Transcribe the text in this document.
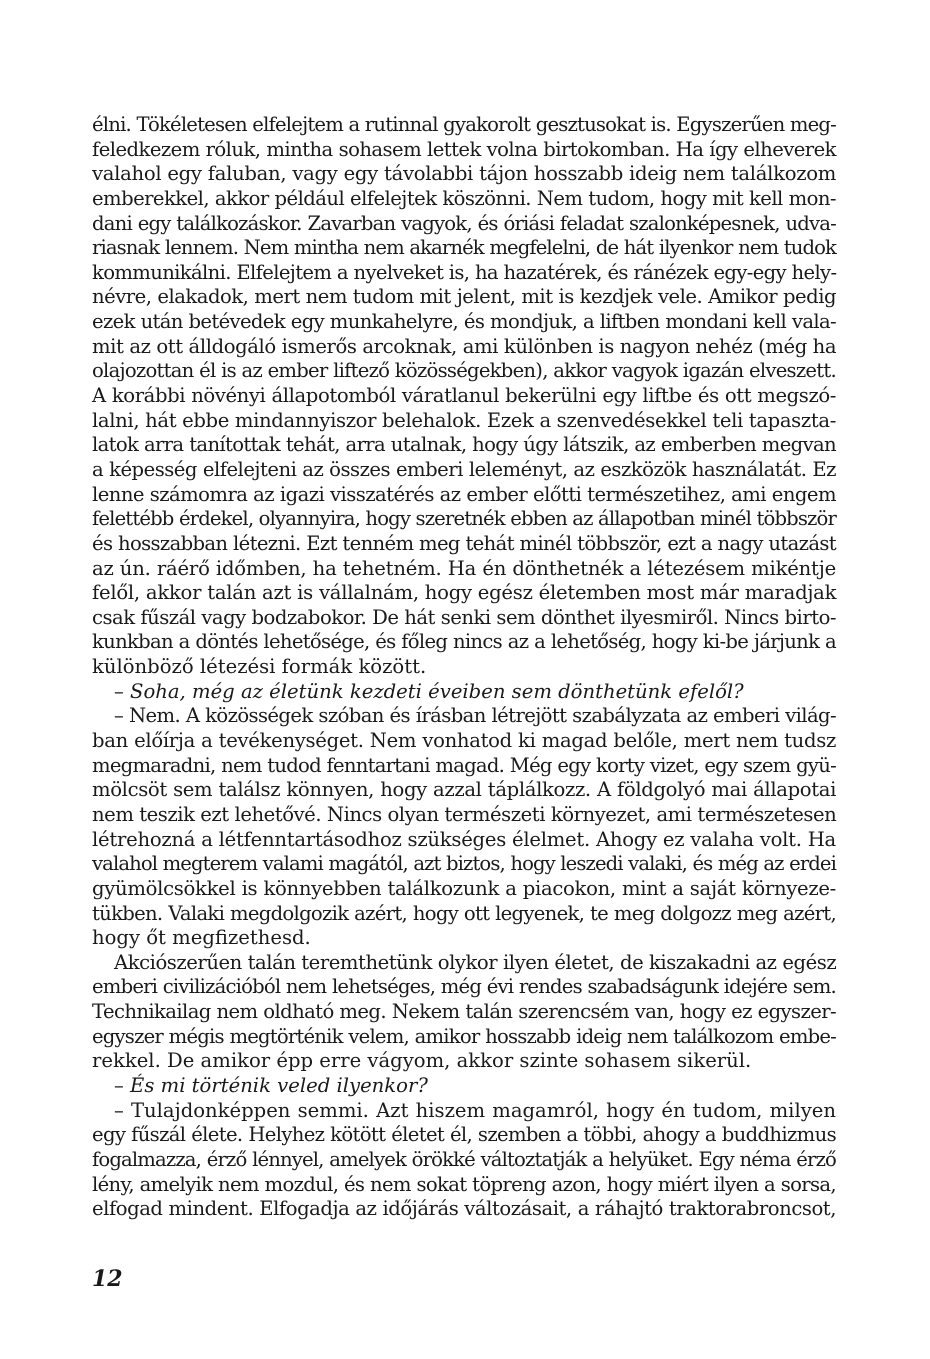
élni. Tökéletesen elfelejtem a rutinnal gyakorolt gesztusokat is. Egyszerűen meg-
feledkezem róluk, mintha sohasem lettek volna birtokomban. Ha így elheverek
valahol egy faluban, vagy egy távolabbi tájon hosszabb ideig nem találkozom
emberekkel, akkor például elfelejtek köszönni. Nem tudom, hogy mit kell mon-
dani egy találkozáskor. Zavarban vagyok, és óriási feladat szalonképesnek, udva-
riasnak lennem. Nem mintha nem akarnék megfelelni, de hát ilyenkor nem tudok
kommunikálni. Elfelejtem a nyelveket is, ha hazatérek, és ránézek egy-egy hely-
névre, elakadok, mert nem tudom mit jelent, mit is kezdjek vele. Amikor pedig
ezek után betévedek egy munkahelyre, és mondjuk, a liftben mondani kell vala-
mit az ott álldogáló ismerős arcoknak, ami különben is nagyon nehéz (még ha
olajozottan él is az ember liftező közösségekben), akkor vagyok igazán elveszett.
A korábbi növényi állapotomból váratlanul bekerülni egy liftbe és ott megszó-
lalni, hát ebbe mindannyiszor belehalok. Ezek a szenvedésekkel teli tapaszta-
latok arra tanítottak tehát, arra utalnak, hogy úgy látszik, az emberben megvan
a képesség elfelejteni az összes emberi leleményt, az eszközök használatát. Ez
lenne számomra az igazi visszatérés az ember előtti természetihez, ami engem
felettébb érdekel, olyannyira, hogy szeretnék ebben az állapotban minél többször
és hosszabban létezni. Ezt tenném meg tehát minél többször, ezt a nagy utazást
az ún. ráérő időmben, ha tehetném. Ha én dönthetnék a létezésem mikéntje
felől, akkor talán azt is vállalnám, hogy egész életemben most már maradjak
csak fűszál vagy bodzabokor. De hát senki sem dönthet ilyesmiről. Nincs birto-
kunkban a döntés lehetősége, és főleg nincs az a lehetőség, hogy ki-be járjunk a
különböző létezési formák között.
– Soha, még az életünk kezdeti éveiben sem dönthetünk efelől?
– Nem. A közösségek szóban és írásban létrejött szabályzata az emberi világ-
ban előírja a tevékenységet. Nem vonhatod ki magad belőle, mert nem tudsz
megmaradni, nem tudod fenntartani magad. Még egy korty vizet, egy szem gyü-
mölcsöt sem találsz könnyen, hogy azzal táplálkozz. A földgolyó mai állapotai
nem teszik ezt lehetővé. Nincs olyan természeti környezet, ami természetesen
létrehozná a létfenntartásodhoz szükséges élelmet. Ahogy ez valaha volt. Ha
valahol megterem valami magától, azt biztos, hogy leszedi valaki, és még az erdei
gyümölcsökkel is könnyebben találkozunk a piacokon, mint a saját környeze-
tükben. Valaki megdolgozik azért, hogy ott legyenek, te meg dolgozz meg azért,
hogy őt megfizethesd.
Akciószerűen talán teremthetünk olykor ilyen életet, de kiszakadni az egész
emberi civilizációból nem lehetséges, még évi rendes szabadságunk idejére sem.
Technikailag nem oldható meg. Nekem talán szerencsém van, hogy ez egyszer-
egyszer mégis megtörténik velem, amikor hosszabb ideig nem találkozom embe-
rekkel. De amikor épp erre vágyom, akkor szinte sohasem sikerül.
– És mi történik veled ilyenkor?
– Tulajdonképpen semmi. Azt hiszem magamról, hogy én tudom, milyen
egy fűszál élete. Helyhez kötött életet él, szemben a többi, ahogy a buddhizmus
fogalmazza, érző lénnyel, amelyek örökké változtatják a helyüket. Egy néma érző
lény, amelyik nem mozdul, és nem sokat töpreng azon, hogy miért ilyen a sorsa,
elfogad mindent. Elfogadja az időjárás változásait, a ráhajtó traktorabroncsot,
12
